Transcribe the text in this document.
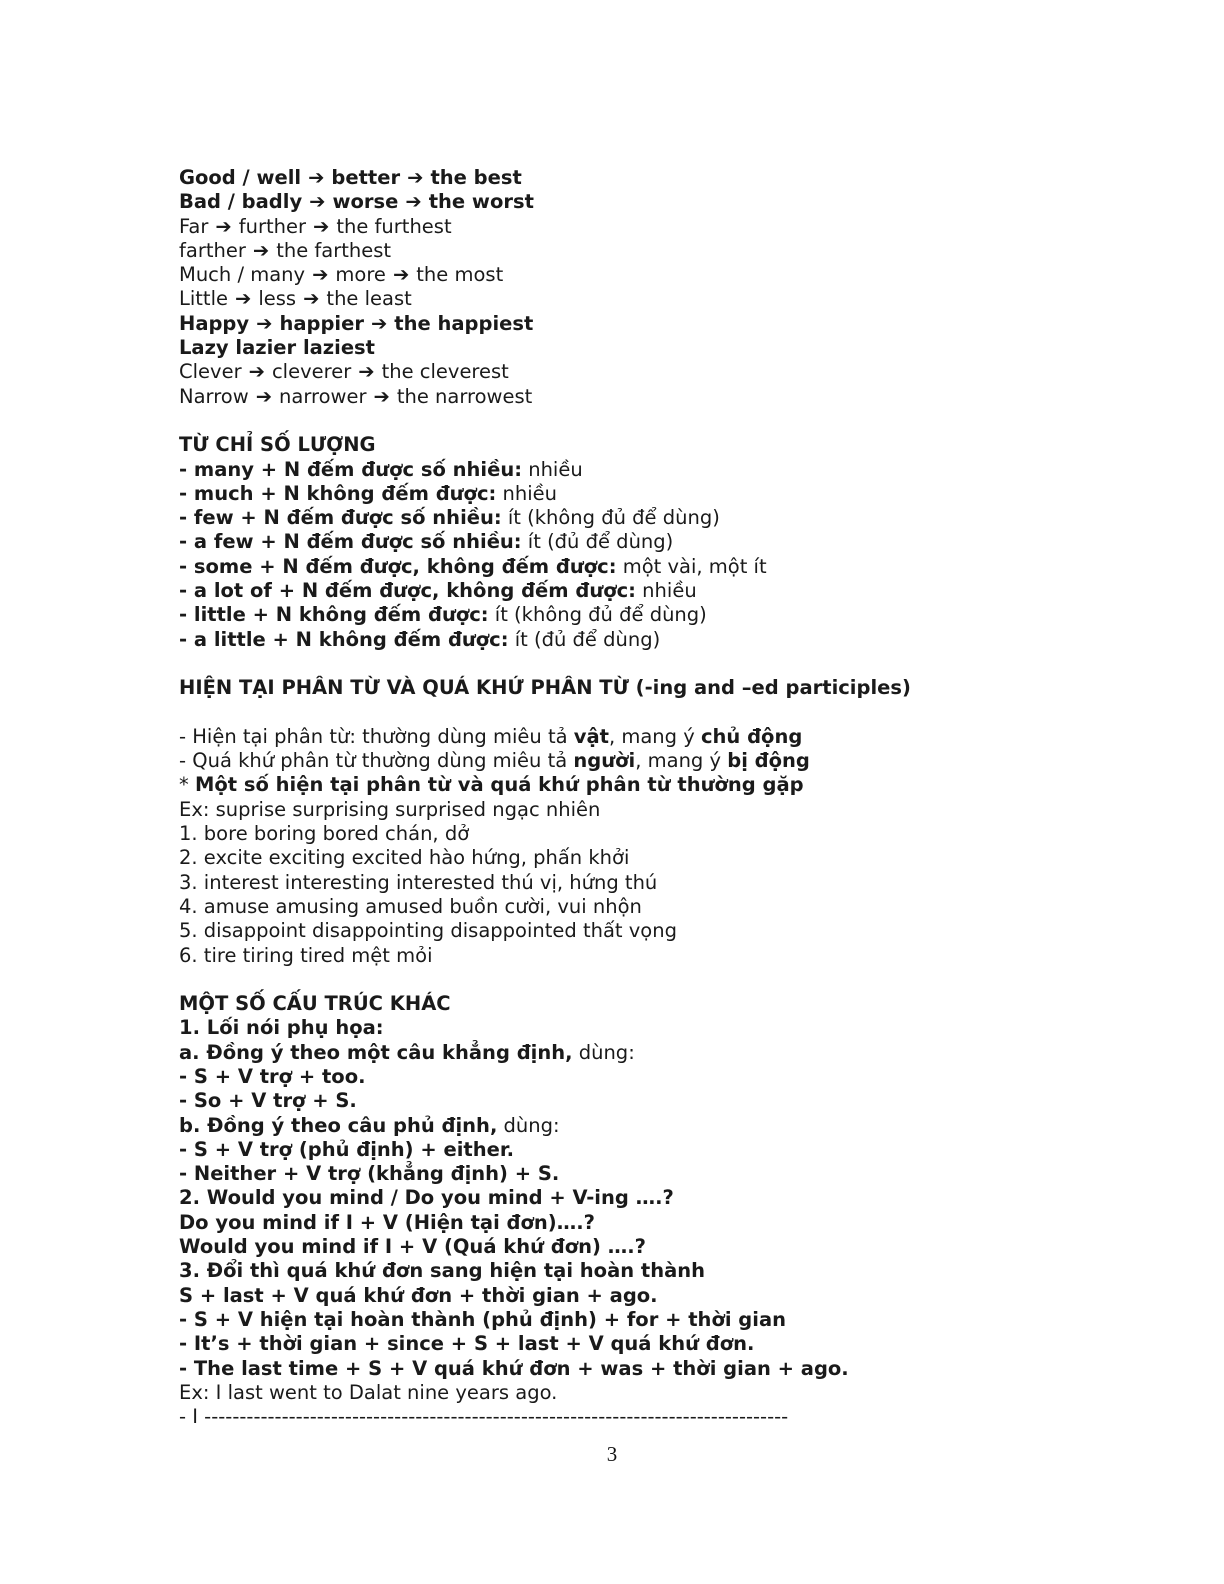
Good / well ➔ better ➔ the best
Bad / badly ➔ worse ➔ the worst
Far ➔ further ➔ the furthest
farther ➔ the farthest
Much / many ➔ more ➔ the most
Little ➔ less ➔ the least
Happy ➔ happier ➔ the happiest
Lazy lazier laziest
Clever ➔ cleverer ➔ the cleverest
Narrow ➔ narrower ➔ the narrowest
TỪ CHỈ SỐ LƯỢNG
- many + N đếm được số nhiều: nhiều
- much + N không đếm được: nhiều
- few + N đếm được số nhiều: ít (không đủ để dùng)
- a few + N đếm được số nhiều: ít (đủ để dùng)
- some + N đếm được, không đếm được: một vài, một ít
- a lot of + N đếm được, không đếm được: nhiều
- little + N không đếm được: ít (không đủ để dùng)
- a little + N không đếm được: ít (đủ để dùng)
HIỆN TẠI PHÂN TỪ VÀ QUÁ KHỨ PHÂN TỪ (-ing and –ed participles)
- Hiện tại phân từ: thường dùng miêu tả vật, mang ý chủ động
- Quá khứ phân từ thường dùng miêu tả người, mang ý bị động
* Một số hiện tại phân từ và quá khứ phân từ thường gặp
Ex: suprise surprising surprised ngạc nhiên
1. bore boring bored chán, dở
2. excite exciting excited hào hứng, phấn khởi
3. interest interesting interested thú vị, hứng thú
4. amuse amusing amused buồn cười, vui nhộn
5. disappoint disappointing disappointed thất vọng
6. tire tiring tired mệt mỏi
MỘT SỐ CẤU TRÚC KHÁC
1. Lối nói phụ họa:
a. Đồng ý theo một câu khẳng định, dùng:
- S + V trợ + too.
- So + V trợ + S.
b. Đồng ý theo câu phủ định, dùng:
- S + V trợ (phủ định) + either.
- Neither + V trợ (khẳng định) + S.
2. Would you mind / Do you mind + V-ing ….?
Do you mind if I + V (Hiện tại đơn)….?
Would you mind if I + V (Quá khứ đơn) ….?
3. Đổi thì quá khứ đơn sang hiện tại hoàn thành
S + last + V quá khứ đơn + thời gian + ago.
- S + V hiện tại hoàn thành (phủ định) + for + thời gian
- It’s + thời gian + since + S + last + V quá khứ đơn.
- The last time + S + V quá khứ đơn + was + thời gian + ago.
Ex: I last went to Dalat nine years ago.
- I -----------------------------------------------------------------------------------
3
